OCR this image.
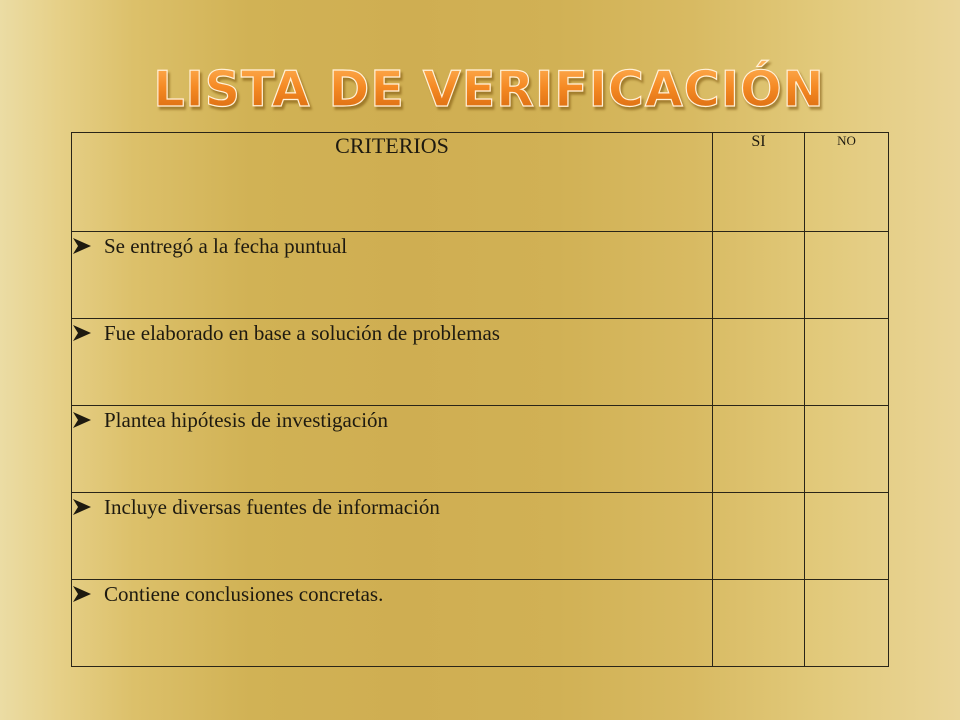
LISTA DE VERIFICACIÓN
CRITERIOS	SI	NO

Se entregó a la fecha puntual		

Fue elaborado en base a solución de problemas		

Plantea hipótesis de investigación		

Incluye diversas fuentes de información		

Contiene conclusiones concretas.		
